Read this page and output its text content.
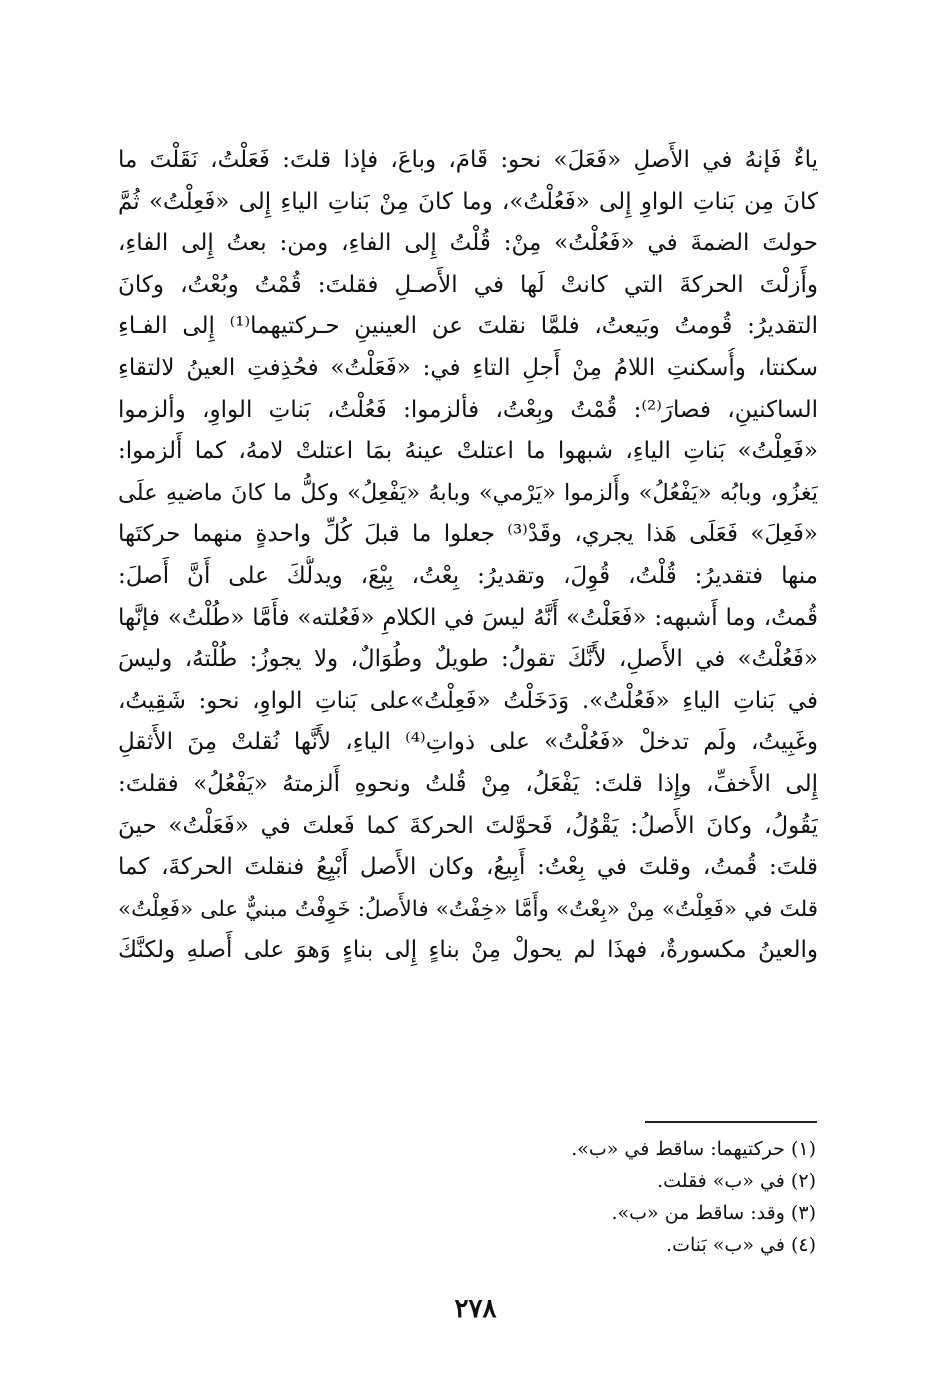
ياءٌ فَإنهُ في الأَصلِ «فَعَلَ» نحو: قَامَ، وباعَ، فإذا قلتَ: فَعَلْتُ، نَقَلْتَ ما
كانَ مِن بَناتِ الواوِ إِلى «فَعُلْتُ»، وما كانَ مِنْ بَناتِ الياءِ إِلى «فَعِلْتُ» ثُمَّ
حولتَ الضمةَ في «فَعُلْتُ» مِنْ: قُلْتُ إِلى الفاءِ، ومن: بعتُ إِلى الفاءِ،
وأَزلْتَ الحركةَ التي كانتْ لَها في الأَصـلِ فقلتَ: قُمْتُ وبُعْتُ، وكانَ
التقديرُ: قُومتُ وبَيعتُ، فلمَّا نقلتَ عن العينينِ حـركتيهما⁽¹⁾ إِلى الفـاءِ
سكنتا، وأُسكنتِ اللامُ مِنْ أَجلِ التاءِ في: «فَعَلْتُ» فحُذِفتِ العينُ لالتقاءِ
الساكنينِ، فصارَ⁽²⁾: قُمْتُ وبِعْتُ، فألزموا: فَعُلْتُ، بَناتِ الواوِ، وألزموا
«فَعِلْتُ» بَناتِ الياءِ، شبهوا ما اعتلتْ عينهُ بمَا اعتلتْ لامهُ، كما أَلزموا:
يَغزُو، وبابُه «يَفْعُلُ» وأَلزموا «يَرْمي» وبابهُ «يَفْعِلُ» وكلُّ ما كانَ ماضيهِ علَى
«فَعِلَ» فَعَلَى هَذا يجري، وقَدْ⁽³⁾ جعلوا ما قبلَ كُلِّ واحدةٍ منهما حركتَها
منها فتقديرُ: قُلْتُ، قُوِلَ، وتقديرُ: بِعْتُ، بِيْعَ، ويدلُّكَ على أَنَّ أَصلَ:
قُمتُ، وما أَشبهه: «فَعَلْتُ» أَنَّهُ ليسَ في الكلامِ «فَعُلته» فأَمَّا «طُلْتُ» فإنَّها
«فَعُلْتُ» في الأَصلِ، لأَنَّكَ تقولُ: طويلٌ وطُوَالٌ، ولا يجوزُ: طُلْتهُ، وليسَ
في بَناتِ الياءِ «فَعُلْتُ». وَدَخَلْتُ «فَعِلْتُ»على بَناتِ الواوِ، نحو: شَقِيتُ،
وغَبِيتُ، ولَم تدخلْ «فَعُلْتُ» على ذواتِ⁽⁴⁾ الياءِ، لأَنَّها نُقلتْ مِنَ الأَثقلِ
إِلى الأَخفِّ، وإِذا قلتَ: يَفْعَلُ، مِنْ قُلتُ ونحوهِ أَلزمتهُ «يَفْعُلُ» فقلتَ:
يَقُولُ، وكانَ الأَصلُ: يَقْوُلُ، فَحوَّلتَ الحركةَ كما فَعلتَ في «فَعَلْتُ» حينَ
قلتَ: قُمتُ، وقلتَ في بِعْتُ: أَبِيعُ، وكان الأَصل أَبْيِعُ فنقلتَ الحركةَ، كما
قلتَ في «فَعِلْتُ» مِنْ «بِعْتُ» وأَمَّا «خِفْتُ» فالأَصلُ: خَوِفْتُ مبنيٌّ على «فَعِلْتُ»
والعينُ مكسورةٌ، فهذَا لم يحولْ مِنْ بناءٍ إِلى بناءٍ وَهوَ على أَصلهِ ولكنَّكَ
(١) حركتيهما: ساقط في «ب».
(٢) في «ب» فقلت.
(٣) وقد: ساقط من «ب».
(٤) في «ب» بَنات.
٢٧٨
